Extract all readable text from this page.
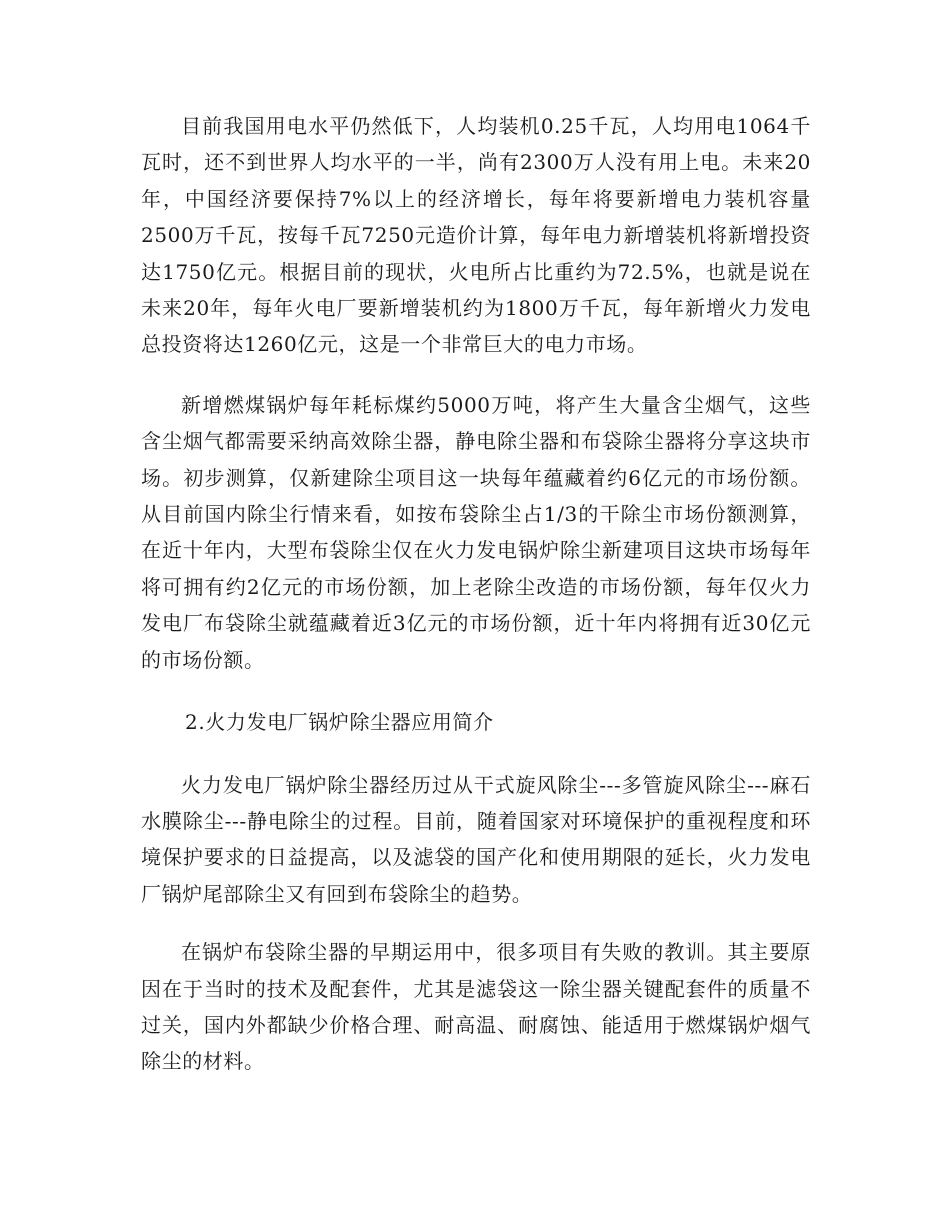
目前我国用电水平仍然低下，人均装机0.25千瓦，人均用电1064千瓦时，还不到世界人均水平的一半，尚有2300万人没有用上电。未来20年，中国经济要保持7%以上的经济增长，每年将要新增电力装机容量2500万千瓦，按每千瓦7250元造价计算，每年电力新增装机将新增投资达1750亿元。根据目前的现状，火电所占比重约为72.5%，也就是说在未来20年，每年火电厂要新增装机约为1800万千瓦，每年新增火力发电总投资将达1260亿元，这是一个非常巨大的电力市场。

新增燃煤锅炉每年耗标煤约5000万吨，将产生大量含尘烟气，这些含尘烟气都需要采纳高效除尘器，静电除尘器和布袋除尘器将分享这块市场。初步测算，仅新建除尘项目这一块每年蕴藏着约6亿元的市场份额。从目前国内除尘行情来看，如按布袋除尘占1/3的干除尘市场份额测算，在近十年内，大型布袋除尘仅在火力发电锅炉除尘新建项目这块市场每年将可拥有约2亿元的市场份额，加上老除尘改造的市场份额，每年仅火力发电厂布袋除尘就蕴藏着近3亿元的市场份额，近十年内将拥有近30亿元的市场份额。

2.火力发电厂锅炉除尘器应用简介

火力发电厂锅炉除尘器经历过从干式旋风除尘---多管旋风除尘---麻石水膜除尘---静电除尘的过程。目前，随着国家对环境保护的重视程度和环境保护要求的日益提高，以及滤袋的国产化和使用期限的延长，火力发电厂锅炉尾部除尘又有回到布袋除尘的趋势。

在锅炉布袋除尘器的早期运用中，很多项目有失败的教训。其主要原因在于当时的技术及配套件，尤其是滤袋这一除尘器关键配套件的质量不过关，国内外都缺少价格合理、耐高温、耐腐蚀、能适用于燃煤锅炉烟气除尘的材料。
